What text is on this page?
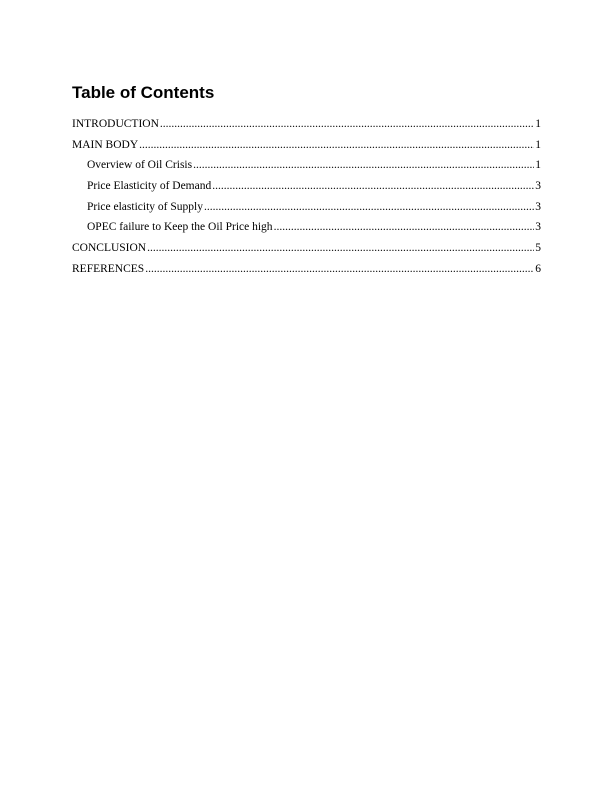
Table of Contents
INTRODUCTION .....	1
MAIN BODY .....	1
Overview of Oil Crisis .....	1
Price Elasticity of Demand .....	3
Price elasticity of Supply .....	3
OPEC failure to Keep the Oil Price high .....	3
CONCLUSION .....	5
REFERENCES .....	6
